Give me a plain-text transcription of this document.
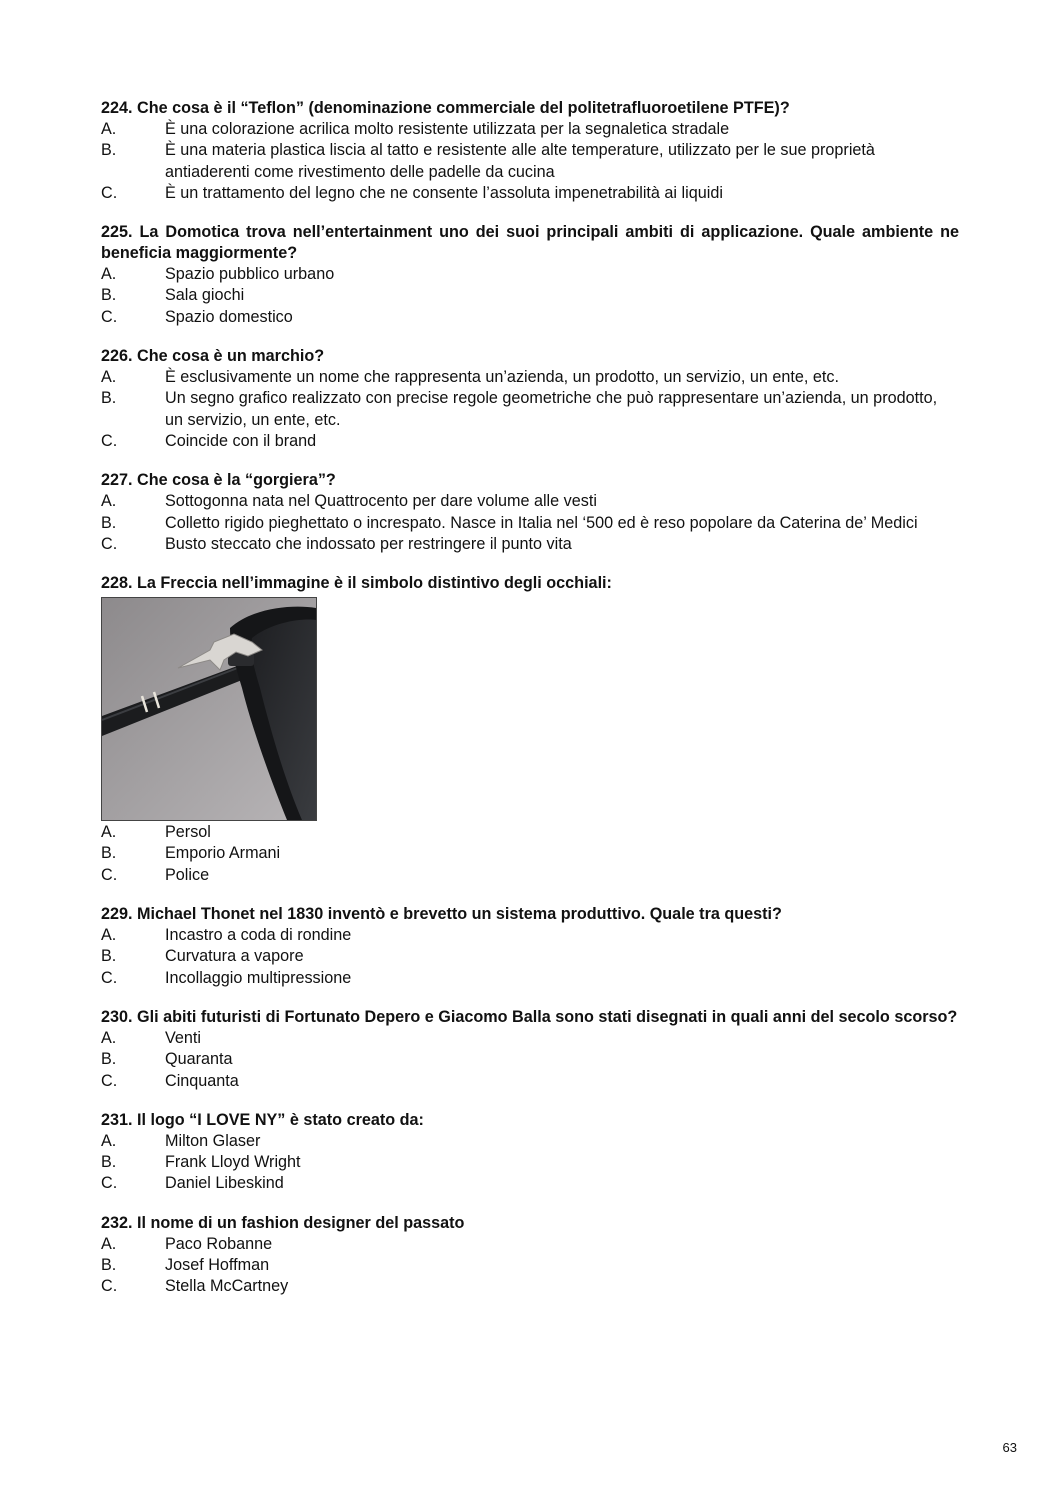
224. Che cosa è il “Teflon” (denominazione commerciale del politetrafluoroetilene PTFE)?
A.	È una colorazione acrilica molto resistente utilizzata per la segnaletica stradale
B.	È una materia plastica liscia al tatto e resistente alle alte temperature, utilizzato per le sue proprietà antiaderenti come rivestimento delle padelle da cucina
C.	È un trattamento del legno che ne consente l’assoluta impenetrabilità ai liquidi
225. La Domotica trova nell’entertainment uno dei suoi principali ambiti di applicazione. Quale ambiente ne beneficia maggiormente?
A.	Spazio pubblico urbano
B.	Sala giochi
C.	Spazio domestico
226. Che cosa è un marchio?
A.	È esclusivamente un nome che rappresenta un’azienda, un prodotto, un servizio, un ente, etc.
B.	Un segno grafico realizzato con precise regole geometriche che può rappresentare un’azienda, un prodotto, un servizio, un ente, etc.
C.	Coincide con il brand
227. Che cosa è la “gorgiera”?
A.	Sottogonna nata nel Quattrocento per dare volume alle vesti
B.	Colletto rigido pieghettato o increspato. Nasce in Italia nel ‘500 ed è reso popolare da Caterina de’ Medici
C.	Busto steccato che indossato per restringere il punto vita
228. La Freccia nell’immagine è il simbolo distintivo degli occhiali:
A.	Persol
B.	Emporio Armani
C.	Police
229. Michael Thonet nel 1830 inventò e brevetto un sistema produttivo. Quale tra questi?
A.	Incastro a coda di rondine
B.	Curvatura a vapore
C.	Incollaggio multipressione
230. Gli abiti futuristi di Fortunato Depero e Giacomo Balla sono stati disegnati in quali anni del secolo scorso?
A.	Venti
B.	Quaranta
C.	Cinquanta
231. Il logo “I LOVE NY” è stato creato da:
A.	Milton Glaser
B.	Frank Lloyd Wright
C.	Daniel Libeskind
232. Il nome di un fashion designer del passato
A.	Paco Robanne
B.	Josef Hoffman
C.	Stella McCartney
63
